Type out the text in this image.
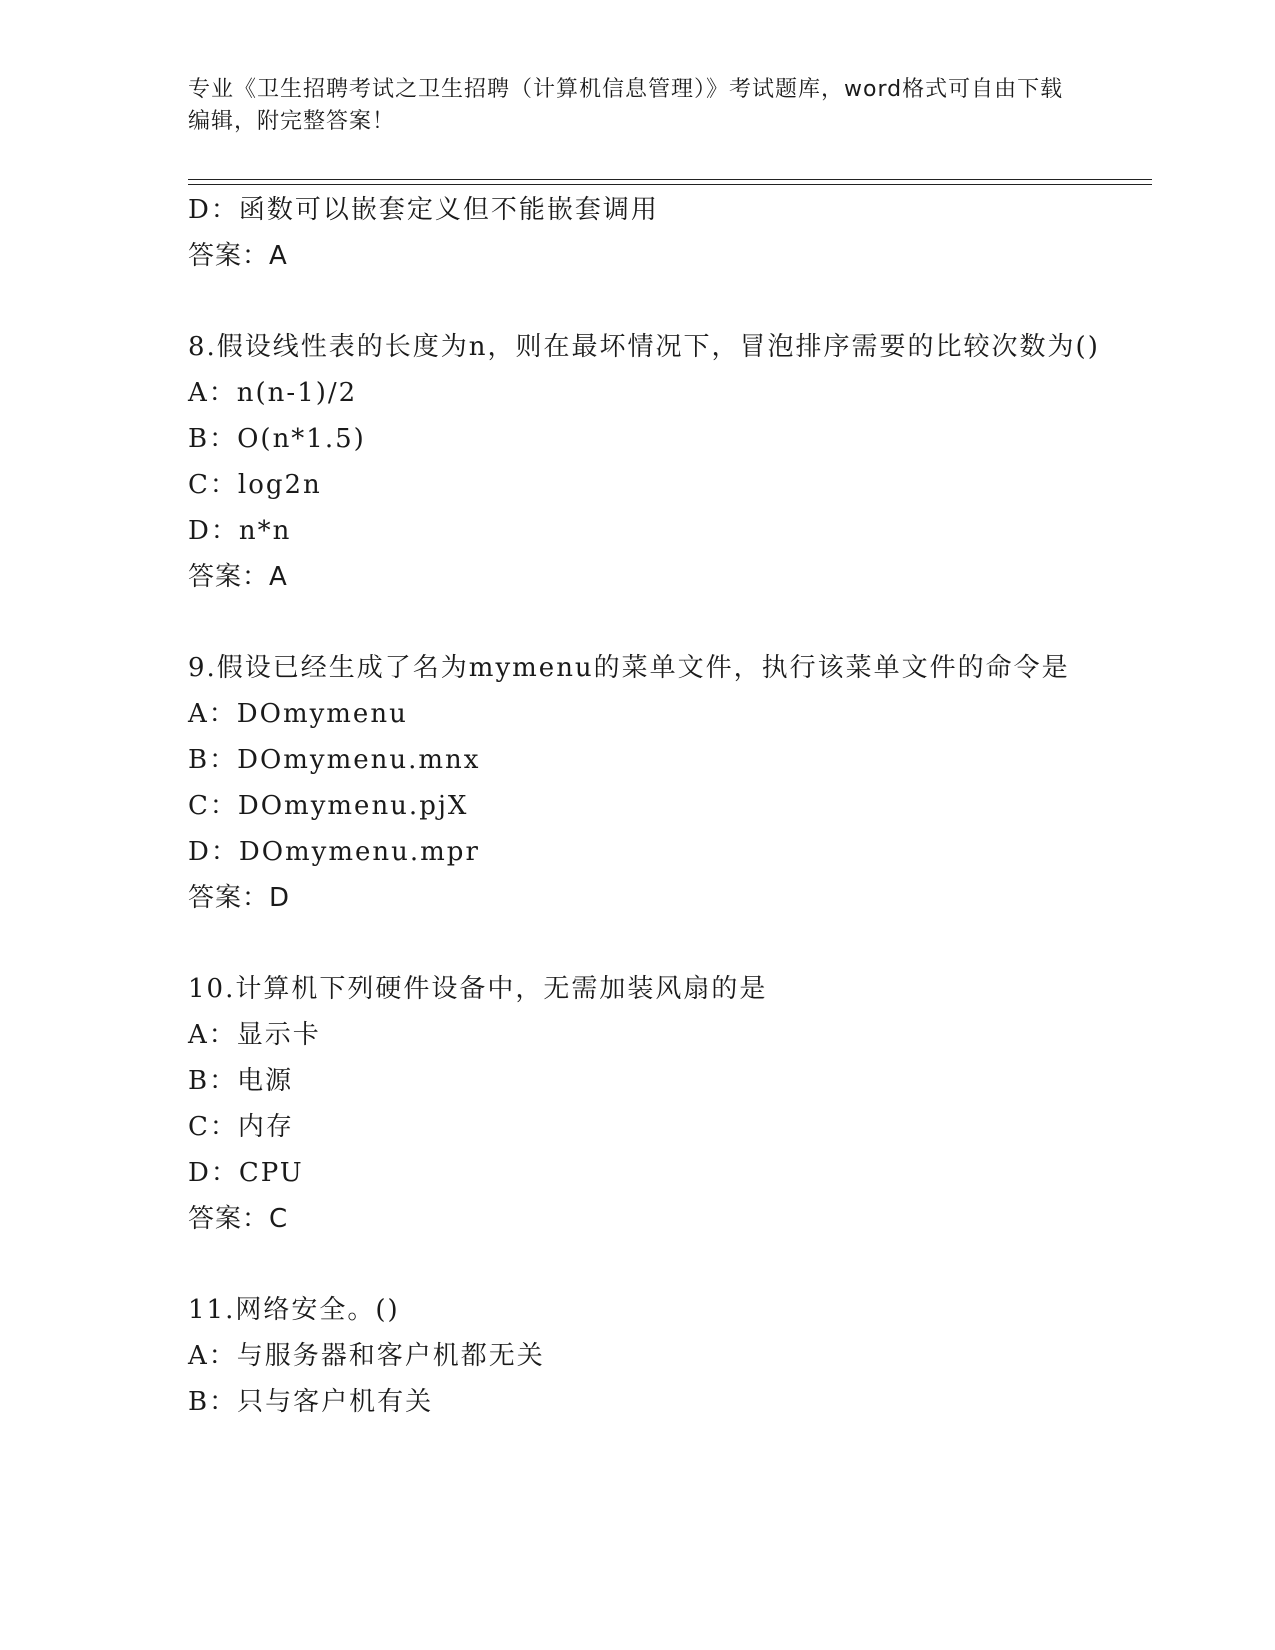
专业《卫生招聘考试之卫生招聘（计算机信息管理）》考试题库，word格式可自由下载编辑，附完整答案！
D：函数可以嵌套定义但不能嵌套调用
答案：A
8.假设线性表的长度为n，则在最坏情况下，冒泡排序需要的比较次数为()
A：n(n-1)/2
B：O(n*1.5)
C：log2n
D：n*n
答案：A
9.假设已经生成了名为mymenu的菜单文件，执行该菜单文件的命令是
A：DOmymenu
B：DOmymenu.mnx
C：DOmymenu.pjX
D：DOmymenu.mpr
答案：D
10.计算机下列硬件设备中，无需加装风扇的是
A：显示卡
B：电源
C：内存
D：CPU
答案：C
11.网络安全。()
A：与服务器和客户机都无关
B：只与客户机有关
